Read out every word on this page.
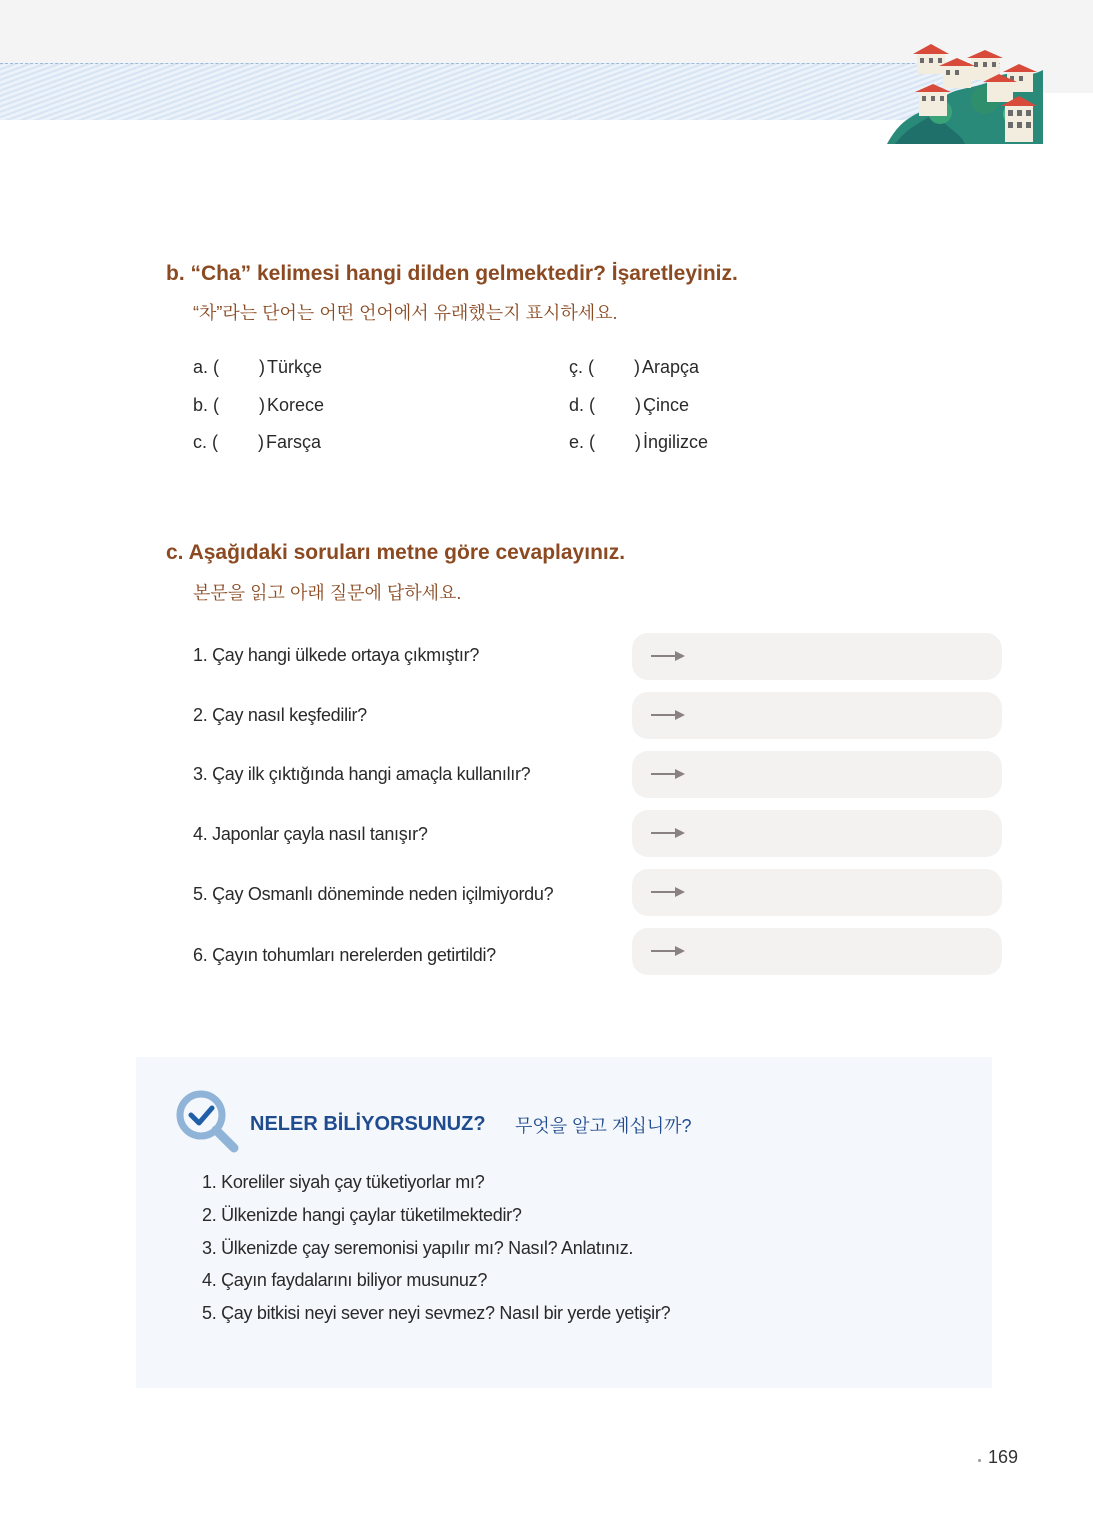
b. “Cha” kelimesi hangi dilden gelmektedir? İşaretleyiniz.
“차”라는 단어는 어떤 언어에서 유래했는지 표시하세요.
a. (        ) Türkçe
b. (        ) Korece
c. (        ) Farsça
ç. (        ) Arapça
d. (        ) Çince
e. (        ) İngilizce
c. Aşağıdaki soruları metne göre cevaplayınız.
본문을 읽고 아래 질문에 답하세요.
1. Çay hangi ülkede ortaya çıkmıştır?
2. Çay nasıl keşfedilir?
3. Çay ilk çıktığında hangi amaçla kullanılır?
4. Japonlar çayla nasıl tanışır?
5. Çay Osmanlı döneminde neden içilmiyordu?
6. Çayın tohumları nerelerden getirtildi?
NELER BİLİYORSUNUZ? 무엇을 알고 계십니까?
1. Koreliler siyah çay tüketiyorlar mı?
2. Ülkenizde hangi çaylar tüketilmektedir?
3. Ülkenizde çay seremonisi yapılır mı? Nasıl? Anlatınız.
4. Çayın faydalarını biliyor musunuz?
5. Çay bitkisi neyi sever neyi sevmez? Nasıl bir yerde yetişir?
169
